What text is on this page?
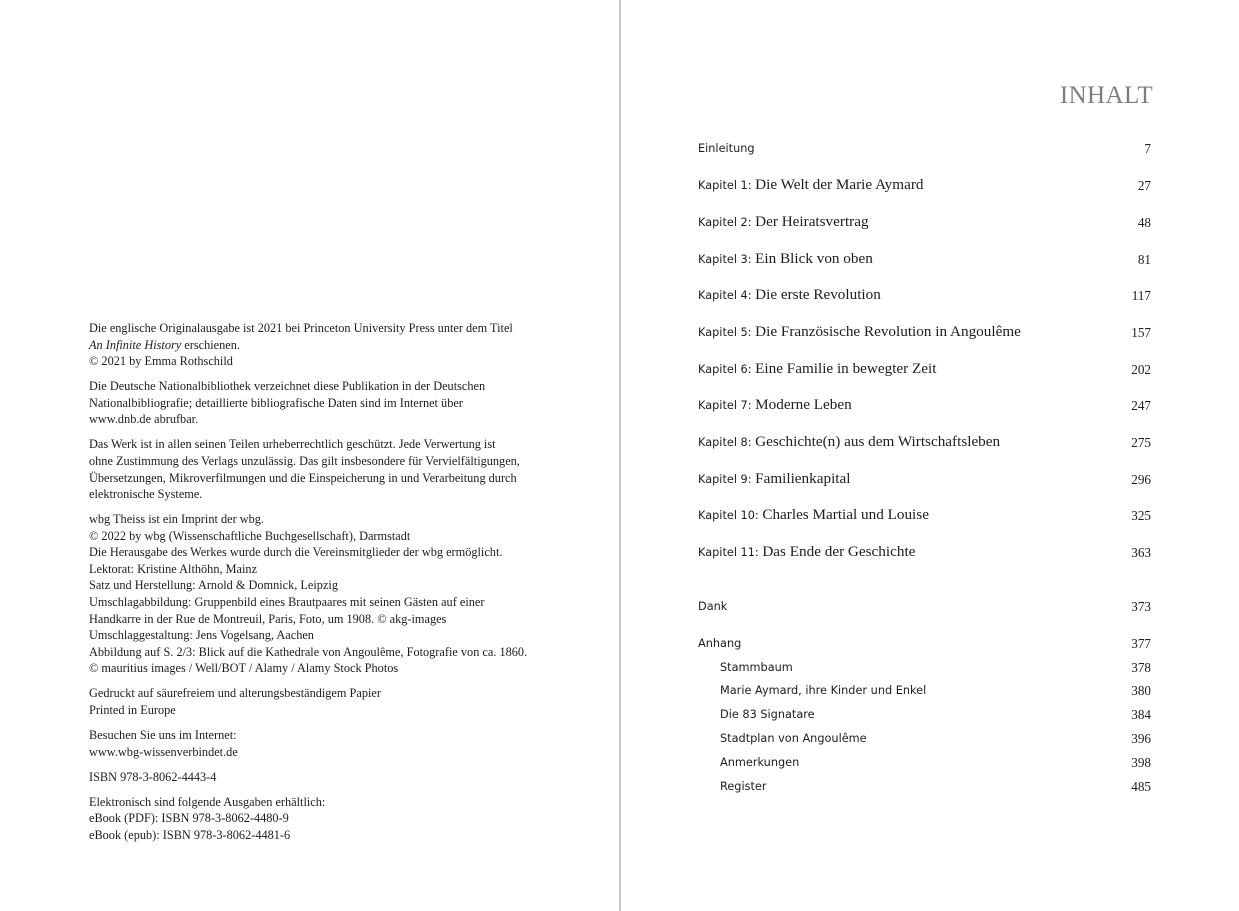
Die englische Originalausgabe ist 2021 bei Princeton University Press unter dem Titel
An Infinite History erschienen.
© 2021 by Emma Rothschild
Die Deutsche Nationalbibliothek verzeichnet diese Publikation in der Deutschen
Nationalbibliografie; detaillierte bibliografische Daten sind im Internet über
www.dnb.de abrufbar.
Das Werk ist in allen seinen Teilen urheberrechtlich geschützt. Jede Verwertung ist
ohne Zustimmung des Verlags unzulässig. Das gilt insbesondere für Vervielfältigungen,
Übersetzungen, Mikroverfilmungen und die Einspeicherung in und Verarbeitung durch
elektronische Systeme.
wbg Theiss ist ein Imprint der wbg.
© 2022 by wbg (Wissenschaftliche Buchgesellschaft), Darmstadt
Die Herausgabe des Werkes wurde durch die Vereinsmitglieder der wbg ermöglicht.
Lektorat: Kristine Althöhn, Mainz
Satz und Herstellung: Arnold & Domnick, Leipzig
Umschlagabbildung: Gruppenbild eines Brautpaares mit seinen Gästen auf einer
Handkarre in der Rue de Montreuil, Paris, Foto, um 1908. © akg-images
Umschlaggestaltung: Jens Vogelsang, Aachen
Abbildung auf S. 2/3: Blick auf die Kathedrale von Angoulême, Fotografie von ca. 1860.
© mauritius images / Well/BOT / Alamy / Alamy Stock Photos
Gedruckt auf säurefreiem und alterungsbeständigem Papier
Printed in Europe
Besuchen Sie uns im Internet:
www.wbg-wissenverbindet.de
ISBN 978-3-8062-4443-4
Elektronisch sind folgende Ausgaben erhältlich:
eBook (PDF): ISBN 978-3-8062-4480-9
eBook (epub): ISBN 978-3-8062-4481-6
INHALT
Einleitung	7
Kapitel 1: Die Welt der Marie Aymard	27
Kapitel 2: Der Heiratsvertrag	48
Kapitel 3: Ein Blick von oben	81
Kapitel 4: Die erste Revolution	117
Kapitel 5: Die Französische Revolution in Angoulême	157
Kapitel 6: Eine Familie in bewegter Zeit	202
Kapitel 7: Moderne Leben	247
Kapitel 8: Geschichte(n) aus dem Wirtschaftsleben	275
Kapitel 9: Familienkapital	296
Kapitel 10: Charles Martial und Louise	325
Kapitel 11: Das Ende der Geschichte	363
Dank	373
Anhang	377
Stammbaum	378
Marie Aymard, ihre Kinder und Enkel	380
Die 83 Signatare	384
Stadtplan von Angoulême	396
Anmerkungen	398
Register	485
